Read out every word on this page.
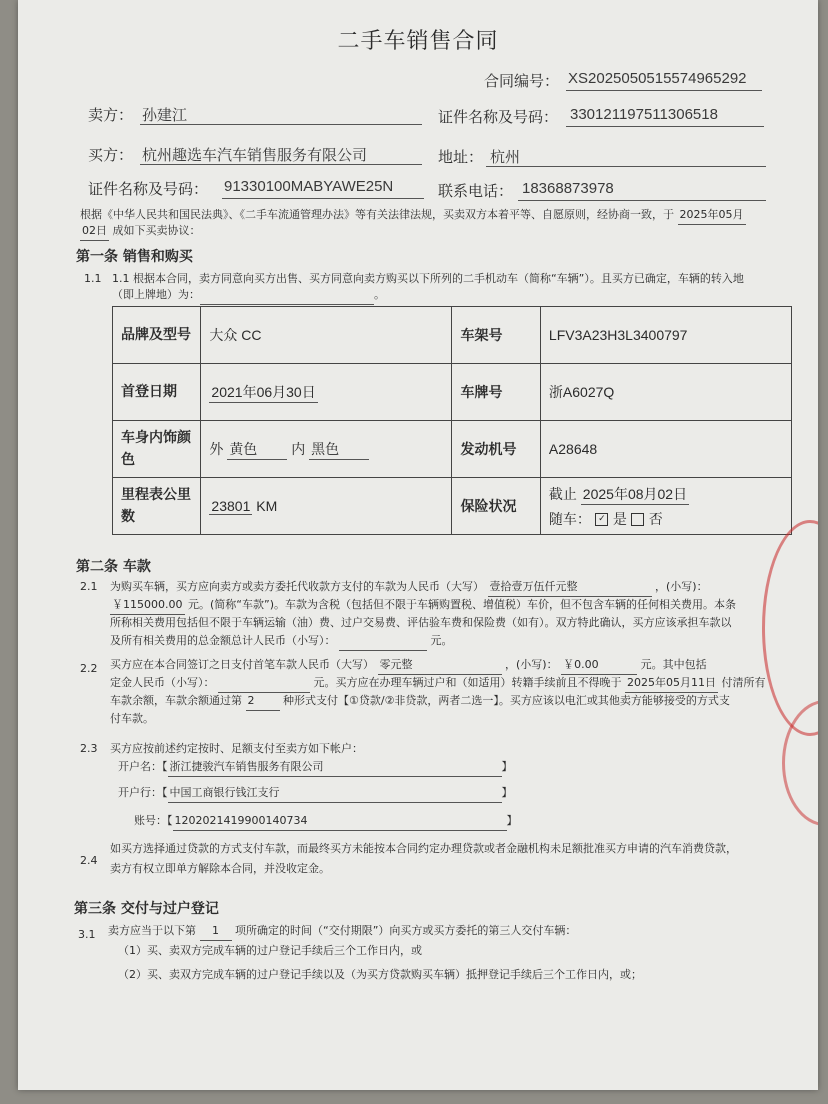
二手车销售合同
合同编号： XS2025050515574965292
卖方： 孙建江	证件名称及号码： 330121197511306518
买方： 杭州趣选车汽车销售服务有限公司	地址： 杭州
证件名称及号码： 91330100MABYAWE25N	联系电话： 18368873978
根据《中华人民共和国民法典》、《二手车流通管理办法》等有关法律法规，买卖双方本着平等、自愿原则，经协商一致，于 2025年05月
02日 成如下买卖协议：
第一条 销售和购买
1.1 1.1 根据本合同，卖方同意向买方出售、买方同意向卖方购买以下所列的二手机动车（简称“车辆”）。且买方已确定，车辆的转入地
（即上牌地）为：	。
品牌及型号	大众 CC	车架号	LFV3A23H3L3400797
首登日期	2021年06月30日	车牌号	浙A6027Q
车身内饰颜色	外 黄色 内 黑色	发动机号	A28648
里程表公里数	23801 KM	保险状况	截止 2025年08月02日
随车： ✓ 是 否
第二条 车款
2.1 为购买车辆，买方应向卖方或卖方委托代收款方支付的车款为人民币（大写） 壹拾壹万伍仟元整	，(小写)：
￥115000.00 元。(简称“车款”)。车款为含税（包括但不限于车辆购置税、增值税）车价，但不包含车辆的任何相关费用。本条
所称相关费用包括但不限于车辆运输（油）费、过户交易费、评估验车费和保险费（如有）。双方特此确认，买方应该承担车款以
及所有相关费用的总金额总计人民币（小写）：	元。
2.2 买方应在本合同签订之日支付首笔车款人民币（大写） 零元整	，(小写)： ￥0.00	元。其中包括
定金人民币（小写）：	元。买方应在办理车辆过户和（如适用）转籍手续前且不得晚于 2025年05月11日 付清所有
车款余额，车款余额通过第 2	种形式支付【①贷款/②非贷款，两者二选一】。买方应该以电汇或其他卖方能够接受的方式支
付车款。
2.3 买方应按前述约定按时、足额支付至卖方如下帐户：
开户名：【 浙江捷骏汽车销售服务有限公司	】
开户行：【 中国工商银行钱江支行	】
账号：【 1202021419900140734	】
2.4
如买方选择通过贷款的方式支付车款，而最终买方未能按本合同约定办理贷款或者金融机构未足额批准买方申请的汽车消费贷款，
卖方有权立即单方解除本合同，并没收定金。
第三条 交付与过户登记
3.1 卖方应当于以下第 1 项所确定的时间（“交付期限”）向买方或买方委托的第三人交付车辆：
（1）买、卖双方完成车辆的过户登记手续后三个工作日内，或
（2）买、卖双方完成车辆的过户登记手续以及（为买方贷款购买车辆）抵押登记手续后三个工作日内，或；
